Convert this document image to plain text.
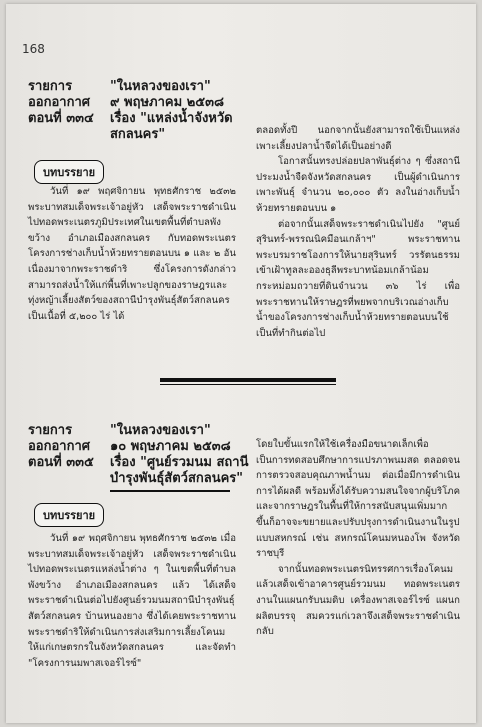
168
รายการ
ออกอากาศ
ตอนที่ ๓๓๔
"ในหลวงของเรา"
๙ พฤษภาคม ๒๕๓๘
เรื่อง "แหล่งน้ำจังหวัด
สกลนคร"
บทบรรยาย

วันที่ ๑๙ พฤศจิกายน พุทธศักราช ๒๕๓๒ พระบาทสมเด็จพระเจ้าอยู่หัว เสด็จพระราชดำเนินไปทอดพระเนตรภูมิประเทศในเขตพื้นที่ตำบลพังขว้าง อำเภอเมืองสกลนคร กับทอดพระเนตรโครงการช่างเก็บน้ำห้วยทรายตอนบน ๑ และ ๒ อันเนื่องมาจากพระราชดำริ ซึ่งโครงการดังกล่าวสามารถส่งน้ำให้แก่พื้นที่เพาะปลูกของราษฎรและทุ่งหญ้าเลี้ยงสัตว์ของสถานีบำรุงพันธุ์สัตว์สกลนครเป็นเนื้อที่ ๕,๒๐๐ ไร่ ได้

ตลอดทั้งปี นอกจากนั้นยังสามารถใช้เป็นแหล่งเพาะเลี้ยงปลาน้ำจืดได้เป็นอย่างดี

โอกาสนั้นทรงปล่อยปลาพันธุ์ต่าง ๆ ซึ่งสถานีประมงน้ำจืดจังหวัดสกลนคร เป็นผู้ดำเนินการเพาะพันธุ์ จำนวน ๒๐,๐๐๐ ตัว ลงในอ่างเก็บน้ำห้วยทรายตอนบน ๑

ต่อจากนั้นเสด็จพระราชดำเนินไปยัง "ศูนย์สุรินทร์-พรรณนิคมือนเกล้าฯ" พระราชทานพระบรมราชโองการให้นายสุรินทร์ วรรัตนธรรม เข้าเฝ้าทูลละอองธุลีพระบาทน้อมเกล้าน้อมกระหม่อมถวายที่ดินจำนวน ๓๖ ไร่ เพื่อพระราชทานให้ราษฎรที่พยพจากบริเวณอ่างเก็บน้ำของโครงการช่างเก็บน้ำห้วยทรายตอนบนใช้เป็นที่ทำกินต่อไป

รายการ
ออกอากาศ
ตอนที่ ๓๓๕
"ในหลวงของเรา"
๑๐ พฤษภาคม ๒๕๓๘
เรื่อง "ศูนย์รวมนม สถานี
บำรุงพันธุ์สัตว์สกลนคร"
บทบรรยาย

วันที่ ๑๙ พฤศจิกายน พุทธศักราช ๒๕๓๒ เมื่อพระบาทสมเด็จพระเจ้าอยู่หัว เสด็จพระราชดำเนินไปทอดพระเนตรแหล่งน้ำต่าง ๆ ในเขตพื้นที่ตำบลพังขว้าง อำเภอเมืองสกลนคร แล้ว ได้เสด็จพระราชดำเนินต่อไปยังศูนย์รวมนมสถานีบำรุงพันธุ์สัตว์สกลนคร บ้านหนองยาง ซึ่งได้เคยพระราชทานพระราชดำริให้ดำเนินการส่งเสริมการเลี้ยงโคนม ให้แก่เกษตรกรในจังหวัดสกลนคร และจัดทำ "โครงการนมพาสเจอร์ไรซ์"

โดยใบขั้นแรกให้ใช้เครื่องมือขนาดเล็กเพื่อเป็นการทดสอบศึกษาการแปรภาพนมสด ตลอดจนการตรวจสอบคุณภาพน้ำนม ต่อเมื่อมีการดำเนินการได้ผลดี พร้อมทั้งได้รับความสนใจจากผู้บริโภค และจากราษฎรในพื้นที่ให้การสนับสนุนเพิ่มมากขึ้นก็อาจจะขยายและปรับปรุงการดำเนินงานในรูปแบบสหกรณ์ เช่น สหกรณ์โคนมหนองโพ จังหวัดราชบุรี

จากนั้นทอดพระเนตรนิทรรศการเรื่องโคนม แล้วเสด็จเข้าอาคารศูนย์รวมนม ทอดพระเนตรงานในแผนกรับนมดิบ เครื่องพาสเจอร์ไรซ์ แผนกผลิตบรรจุ สมควรแก่เวลาจึงเสด็จพระราชดำเนินกลับ
